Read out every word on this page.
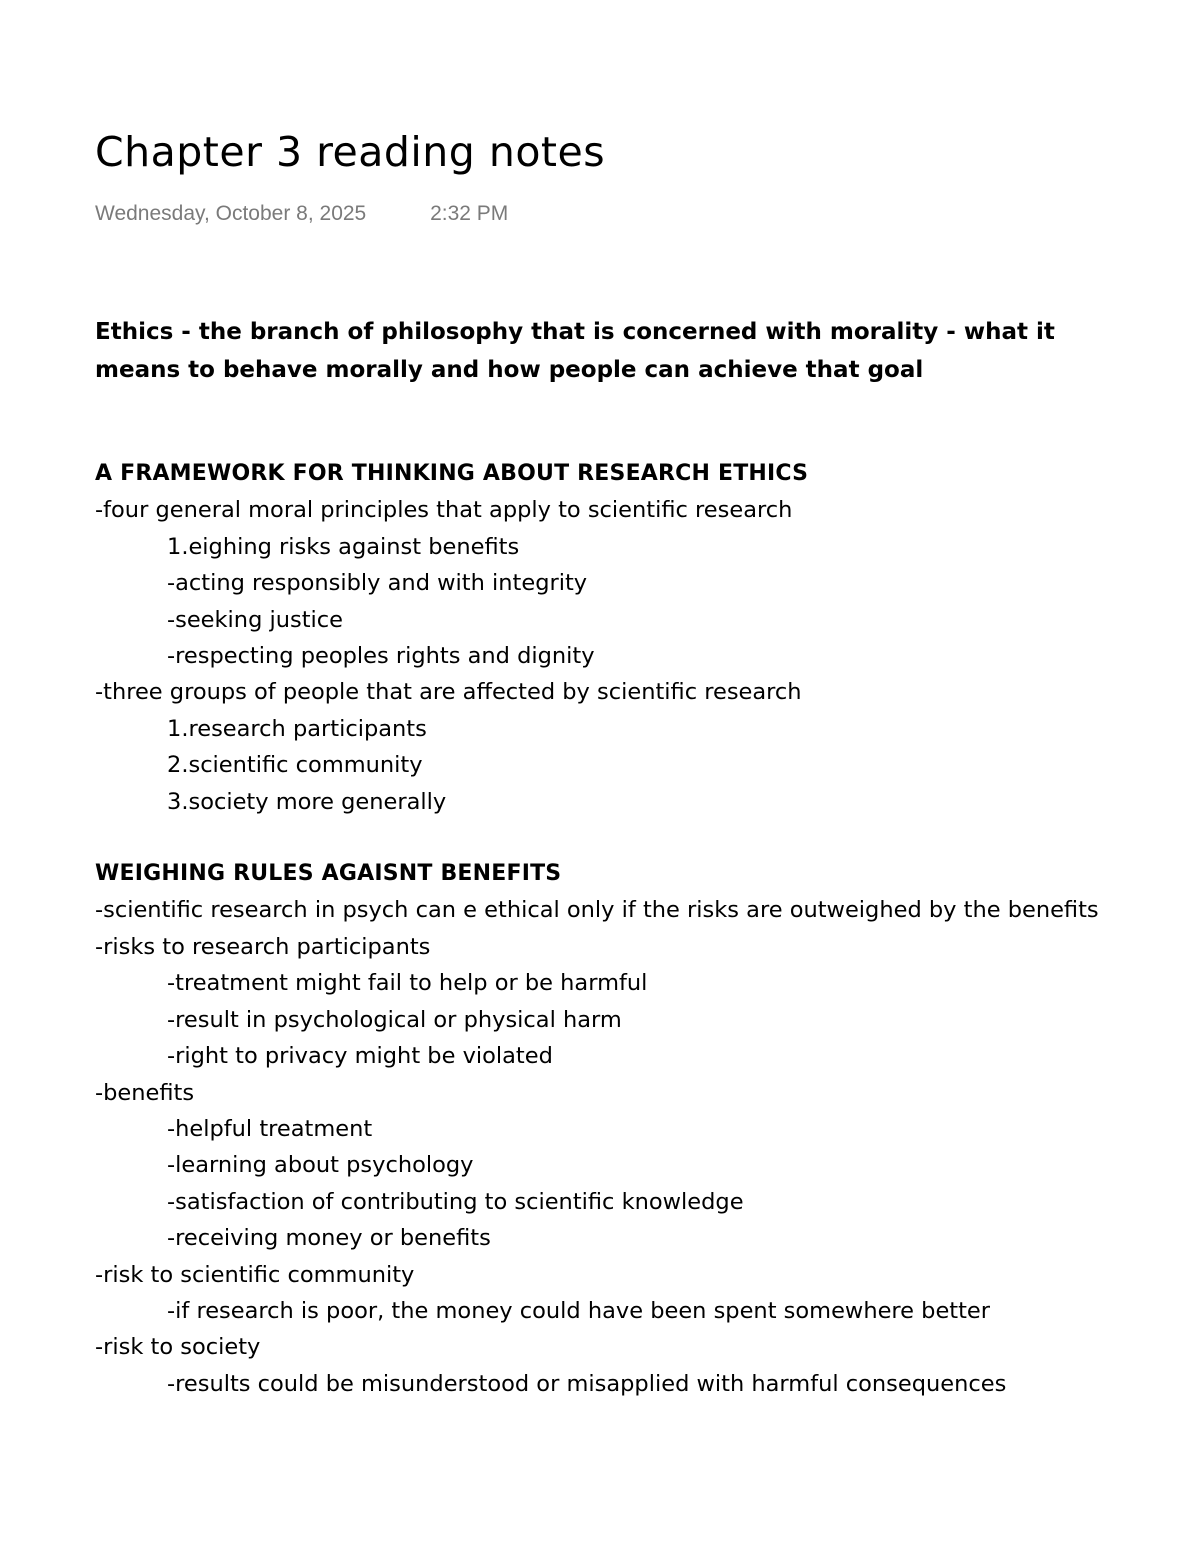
Chapter 3 reading notes
Wednesday, October 8, 2025	2:32 PM
Ethics - the branch of philosophy that is concerned with morality - what it means to behave morally and how people can achieve that goal
A FRAMEWORK FOR THINKING ABOUT RESEARCH ETHICS
-four general moral principles that apply to scientific research
1.eighing risks against benefits
-acting responsibly and with integrity
-seeking justice
-respecting peoples rights and dignity
-three groups of people that are affected by scientific research
1.research participants
2.scientific community
3.society more generally
WEIGHING RULES AGAISNT BENEFITS
-scientific research in psych can e ethical only if the risks are outweighed by the benefits
-risks to research participants
-treatment might fail to help or be harmful
-result in psychological or physical harm
-right to privacy might be violated
-benefits
-helpful treatment
-learning about psychology
-satisfaction of contributing to scientific knowledge
-receiving money or benefits
-risk to scientific community
-if research is poor, the money could have been spent somewhere better
-risk to society
-results could be misunderstood or misapplied with harmful consequences
